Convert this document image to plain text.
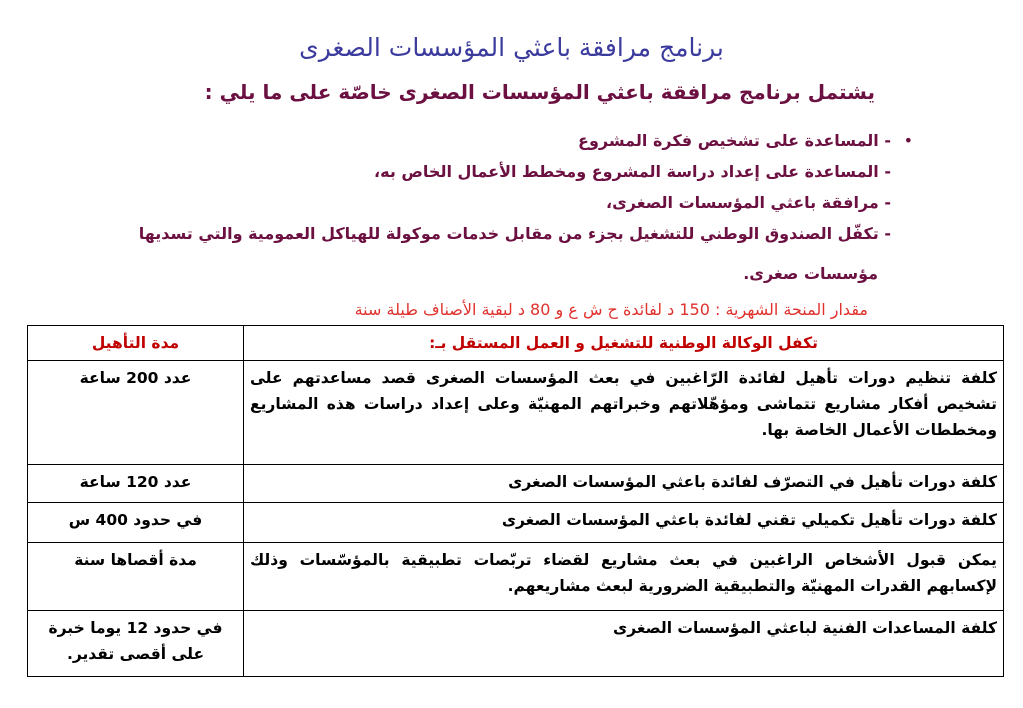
برنامج مرافقة باعثي المؤسسات الصغرى
يشتمل برنامج مرافقة باعثي المؤسسات الصغرى خاصّة على ما يلي :
•
- المساعدة على تشخيص فكرة المشروع
- المساعدة على إعداد دراسة المشروع ومخطط الأعمال الخاص به،
- مرافقة باعثي المؤسسات الصغرى،
- تكفّل الصندوق الوطني للتشغيل بجزء من مقابل خدمات موكولة للهياكل العمومية والتي تسديها
مؤسسات صغرى.
مقدار المنحة الشهرية : 150 د لفائدة ح ش ع و 80 د لبقية الأصناف طيلة سنة
تكفل الوكالة الوطنية للتشغيل و العمل المستقل بـ:	مدة التأهيل
كلفة تنظيم دورات تأهيل لفائدة الرّاغبين في بعث المؤسسات الصغرى قصد مساعدتهم على تشخيص أفكار مشاريع تتماشى ومؤهّلاتهم وخبراتهم المهنيّة وعلى إعداد دراسات هذه المشاريع ومخططات الأعمال الخاصة بها.	عدد 200 ساعة
كلفة دورات تأهيل في التصرّف لفائدة باعثي المؤسسات الصغرى	عدد 120 ساعة
كلفة دورات تأهيل تكميلي تقني لفائدة باعثي المؤسسات الصغرى	في حدود 400 س
يمكن قبول الأشخاص الراغبين في بعث مشاريع لقضاء تربّصات تطبيقية بالمؤسّسات وذلك لإكسابهم القدرات المهنيّة والتطبيقية الضرورية لبعث مشاريعهم.	مدة أقصاها سنة
كلفة المساعدات الفنية لباعثي المؤسسات الصغرى	في حدود 12 يوما خبرة على أقصى تقدير.
